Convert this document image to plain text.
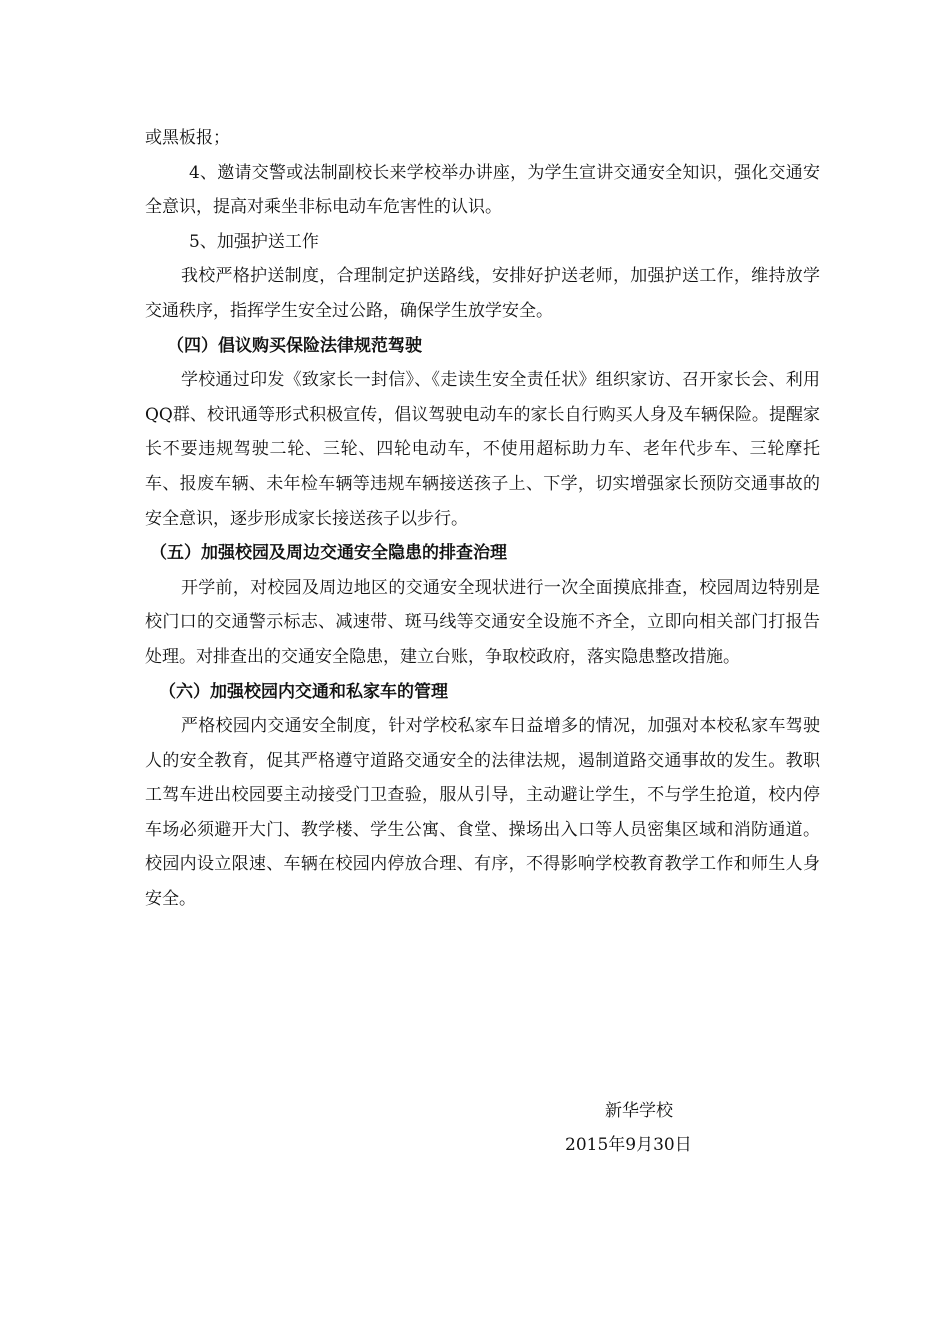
或黑板报；

4、邀请交警或法制副校长来学校举办讲座，为学生宣讲交通安全知识，强化交通安全意识，提高对乘坐非标电动车危害性的认识。

5、加强护送工作

我校严格护送制度，合理制定护送路线，安排好护送老师，加强护送工作，维持放学交通秩序，指挥学生安全过公路，确保学生放学安全。

（四）倡议购买保险法律规范驾驶

学校通过印发《致家长一封信》、《走读生安全责任状》组织家访、召开家长会、利用QQ群、校讯通等形式积极宣传，倡议驾驶电动车的家长自行购买人身及车辆保险。提醒家长不要违规驾驶二轮、三轮、四轮电动车，不使用超标助力车、老年代步车、三轮摩托车、报废车辆、未年检车辆等违规车辆接送孩子上、下学，切实增强家长预防交通事故的安全意识，逐步形成家长接送孩子以步行。

（五）加强校园及周边交通安全隐患的排查治理

开学前，对校园及周边地区的交通安全现状进行一次全面摸底排查，校园周边特别是校门口的交通警示标志、减速带、斑马线等交通安全设施不齐全，立即向相关部门打报告处理。对排查出的交通安全隐患，建立台账，争取校政府，落实隐患整改措施。

（六）加强校园内交通和私家车的管理

严格校园内交通安全制度，针对学校私家车日益增多的情况，加强对本校私家车驾驶人的安全教育，促其严格遵守道路交通安全的法律法规，遏制道路交通事故的发生。教职工驾车进出校园要主动接受门卫查验，服从引导，主动避让学生，不与学生抢道，校内停车场必须避开大门、教学楼、学生公寓、食堂、操场出入口等人员密集区域和消防通道。校园内设立限速、车辆在校园内停放合理、有序，不得影响学校教育教学工作和师生人身安全。

新华学校
2015年9月30日
